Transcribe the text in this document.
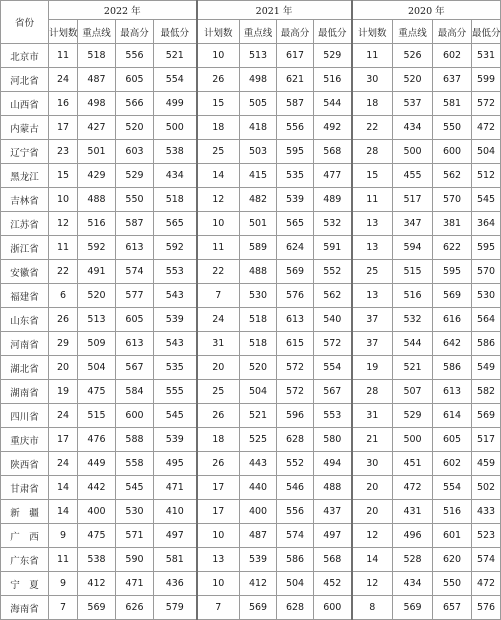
省份	2022 年				2021 年				2020 年			
	计划数	重点线	最高分	最低分	计划数	重点线	最高分	最低分	计划数	重点线	最高分	最低分
北京市	11	518	556	521	10	513	617	529	11	526	602	531
河北省	24	487	605	554	26	498	621	516	30	520	637	599
山西省	16	498	566	499	15	505	587	544	18	537	581	572
内蒙古	17	427	520	500	18	418	556	492	22	434	550	472
辽宁省	23	501	603	538	25	503	595	568	28	500	600	504
黑龙江	15	429	529	434	14	415	535	477	15	455	562	512
吉林省	10	488	550	518	12	482	539	489	11	517	570	545
江苏省	12	516	587	565	10	501	565	532	13	347	381	364
浙江省	11	592	613	592	11	589	624	591	13	594	622	595
安徽省	22	491	574	553	22	488	569	552	25	515	595	570
福建省	6	520	577	543	7	530	576	562	13	516	569	530
山东省	26	513	605	539	24	518	613	540	37	532	616	564
河南省	29	509	613	543	31	518	615	572	37	544	642	586
湖北省	20	504	567	535	20	520	572	554	19	521	586	549
湖南省	19	475	584	555	25	504	572	567	28	507	613	582
四川省	24	515	600	545	26	521	596	553	31	529	614	569
重庆市	17	476	588	539	18	525	628	580	21	500	605	517
陕西省	24	449	558	495	26	443	552	494	30	451	602	459
甘肃省	14	442	545	471	17	440	546	488	20	472	554	502
新　疆	14	400	530	410	17	400	556	437	20	431	516	433
广　西	9	475	571	497	10	487	574	497	12	496	601	523
广东省	11	538	590	581	13	539	586	568	14	528	620	574
宁　夏	9	412	471	436	10	412	504	452	12	434	550	472
海南省	7	569	626	579	7	569	628	600	8	569	657	576
